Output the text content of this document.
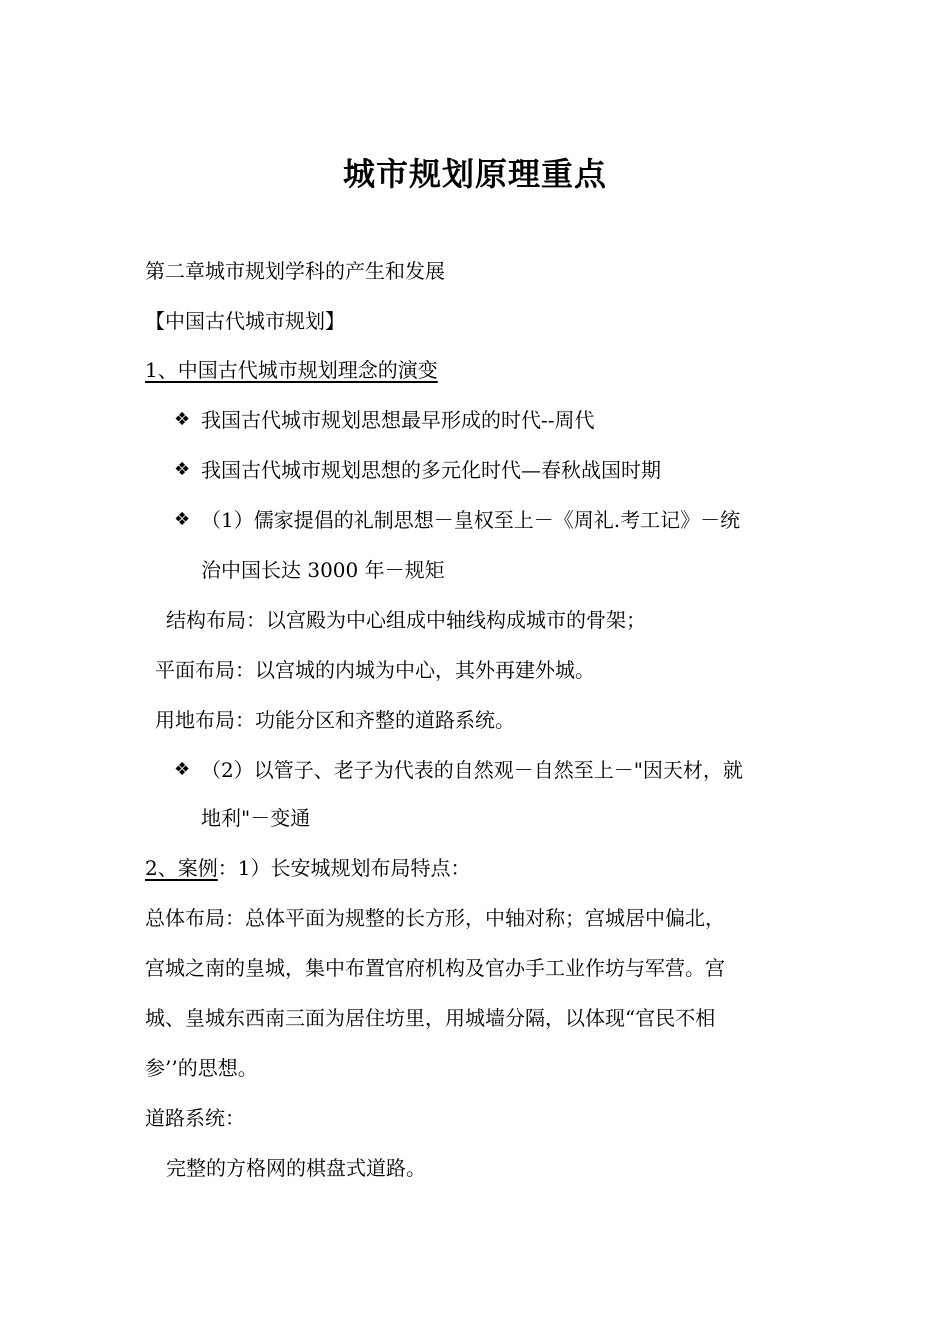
城市规划原理重点
第二章城市规划学科的产生和发展
【中国古代城市规划】
1、中国古代城市规划理念的演变
❖ 我国古代城市规划思想最早形成的时代--周代
❖ 我国古代城市规划思想的多元化时代—春秋战国时期
❖ （1）儒家提倡的礼制思想－皇权至上－《周礼.考工记》－统
治中国长达 3000 年－规矩
结构布局：以宫殿为中心组成中轴线构成城市的骨架；
平面布局：以宫城的内城为中心，其外再建外城。
用地布局：功能分区和齐整的道路系统。
❖ （2）以管子、老子为代表的自然观－自然至上－"因天材，就
地利"－变通
2、案例：1）长安城规划布局特点：
总体布局：总体平面为规整的长方形，中轴对称；宫城居中偏北，
宫城之南的皇城，集中布置官府机构及官办手工业作坊与军营。宫
城、皇城东西南三面为居住坊里，用城墙分隔，以体现“官民不相
参’’的思想。
道路系统：
完整的方格网的棋盘式道路。
